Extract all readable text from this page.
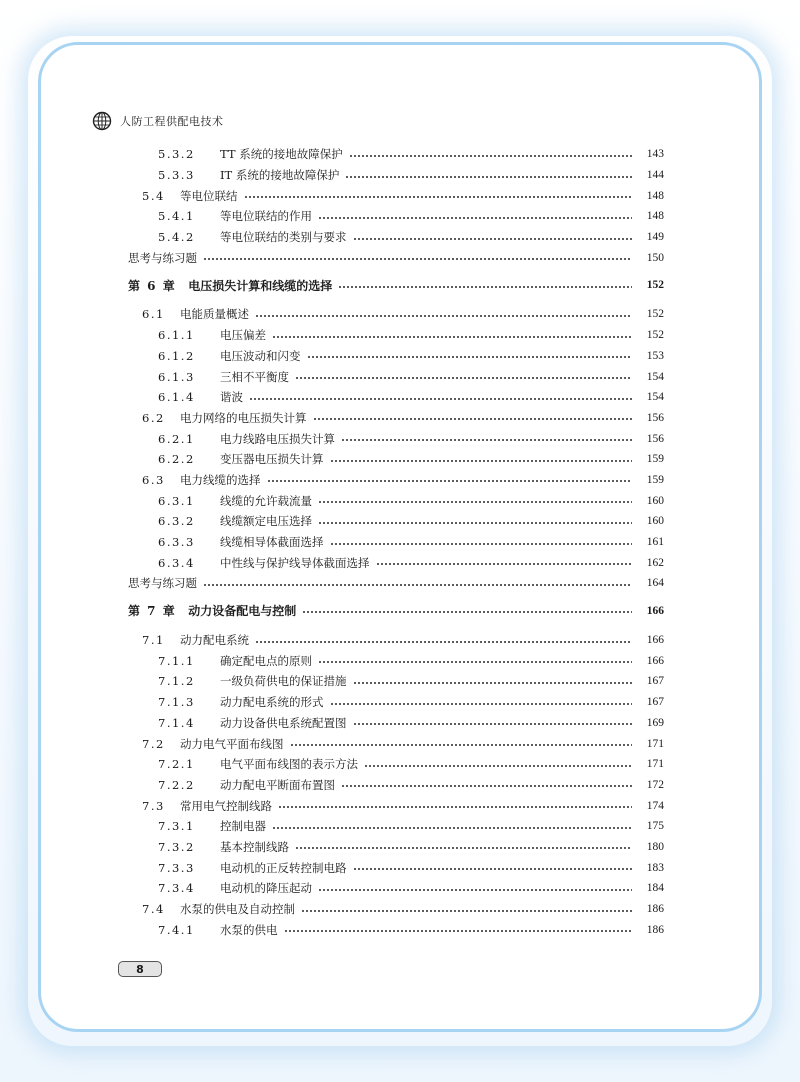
人防工程供配电技术
5.3.2	TT 系统的接地故障保护	143
5.3.3	IT 系统的接地故障保护	144
5.4	等电位联结	148
5.4.1	等电位联结的作用	148
5.4.2	等电位联结的类别与要求	149
思考与练习题	150
第 6 章	电压损失计算和线缆的选择	152
6.1	电能质量概述	152
6.1.1	电压偏差	152
6.1.2	电压波动和闪变	153
6.1.3	三相不平衡度	154
6.1.4	谐波	154
6.2	电力网络的电压损失计算	156
6.2.1	电力线路电压损失计算	156
6.2.2	变压器电压损失计算	159
6.3	电力线缆的选择	159
6.3.1	线缆的允许载流量	160
6.3.2	线缆额定电压选择	160
6.3.3	线缆相导体截面选择	161
6.3.4	中性线与保护线导体截面选择	162
思考与练习题	164
第 7 章	动力设备配电与控制	166
7.1	动力配电系统	166
7.1.1	确定配电点的原则	166
7.1.2	一级负荷供电的保证措施	167
7.1.3	动力配电系统的形式	167
7.1.4	动力设备供电系统配置图	169
7.2	动力电气平面布线图	171
7.2.1	电气平面布线图的表示方法	171
7.2.2	动力配电平断面布置图	172
7.3	常用电气控制线路	174
7.3.1	控制电器	175
7.3.2	基本控制线路	180
7.3.3	电动机的正反转控制电路	183
7.3.4	电动机的降压起动	184
7.4	水泵的供电及自动控制	186
7.4.1	水泵的供电	186
8
